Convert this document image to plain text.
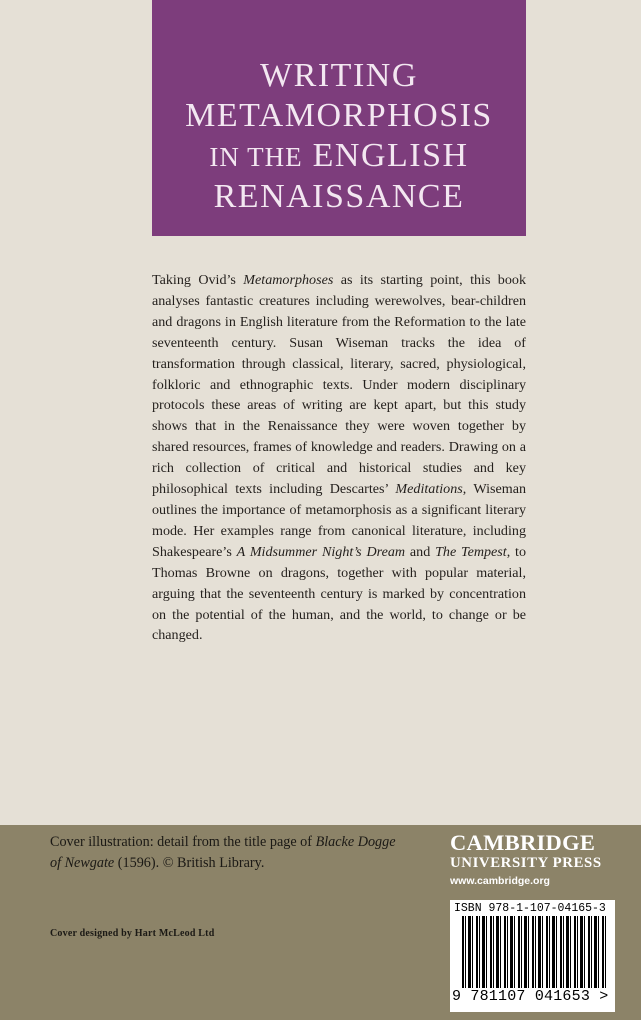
WRITING
METAMORPHOSIS
IN THE ENGLISH
RENAISSANCE

Taking Ovid’s Metamorphoses as its starting point, this book analyses fantastic creatures including werewolves, bear-children and dragons in English literature from the Reformation to the late seventeenth century. Susan Wiseman tracks the idea of transformation through classical, literary, sacred, physiological, folkloric and ethnographic texts. Under modern disciplinary protocols these areas of writing are kept apart, but this study shows that in the Renaissance they were woven together by shared resources, frames of knowledge and readers. Drawing on a rich collection of critical and historical studies and key philosophical texts including Descartes’ Meditations, Wiseman outlines the importance of metamorphosis as a significant literary mode. Her examples range from canonical literature, including Shakespeare’s A Midsummer Night’s Dream and The Tempest, to Thomas Browne on dragons, together with popular material, arguing that the seventeenth century is marked by concentration on the potential of the human, and the world, to change or be changed.

Cover illustration: detail from the title page of Blacke Dogge of Newgate (1596). © British Library.
Cover designed by Hart McLeod Ltd
CAMBRIDGE
UNIVERSITY PRESS
www.cambridge.org
ISBN 978-1-107-04165-3
9 781107 041653 >
